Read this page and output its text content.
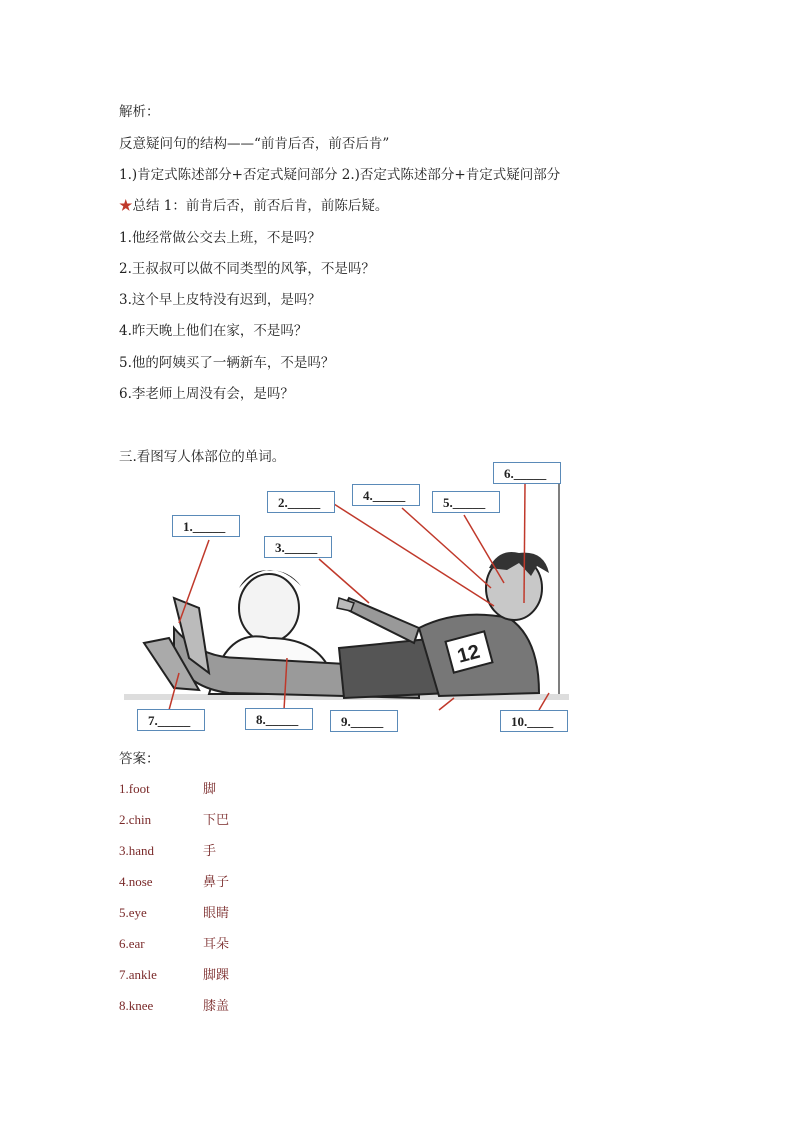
解析：
反意疑问句的结构——“前肯后否，前否后肯”
1.)肯定式陈述部分+否定式疑问部分 2.)否定式陈述部分+肯定式疑问部分
★总结 1：前肯后否，前否后肯，前陈后疑。
1.他经常做公交去上班，不是吗？
2.王叔叔可以做不同类型的风筝，不是吗？
3.这个早上皮特没有迟到，是吗？
4.昨天晚上他们在家，不是吗？
5.他的阿姨买了一辆新车，不是吗？
6.李老师上周没有会，是吗？
三.看图写人体部位的单词。
12
1._____
2._____
3._____
4._____	5._____
6._____
7._____	8._____	9._____	10.____
答案：
1.foot	脚
2.chin	下巴
3.hand	手
4.nose	鼻子
5.eye	眼睛
6.ear	耳朵
7.ankle	脚踝
8.knee	膝盖
